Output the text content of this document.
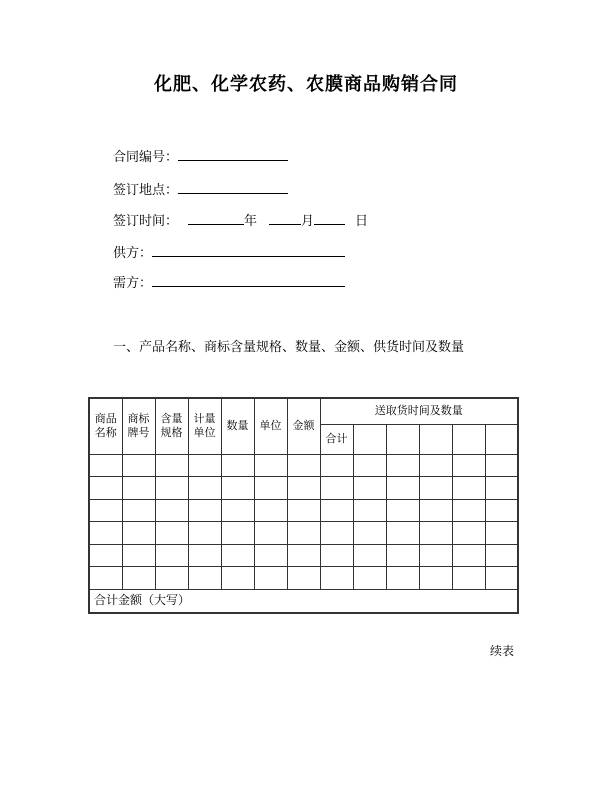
化肥、化学农药、农膜商品购销合同
合同编号：
签订地点：
签订时间：	年	月	日
供方：
需方：
一、产品名称、商标含量规格、数量、金额、供货时间及数量
商品名称	商标牌号	含量规格	计量单位	数量	单位	金额	送取货时间及数量					
							合计					

合计金额（大写）												
续表
